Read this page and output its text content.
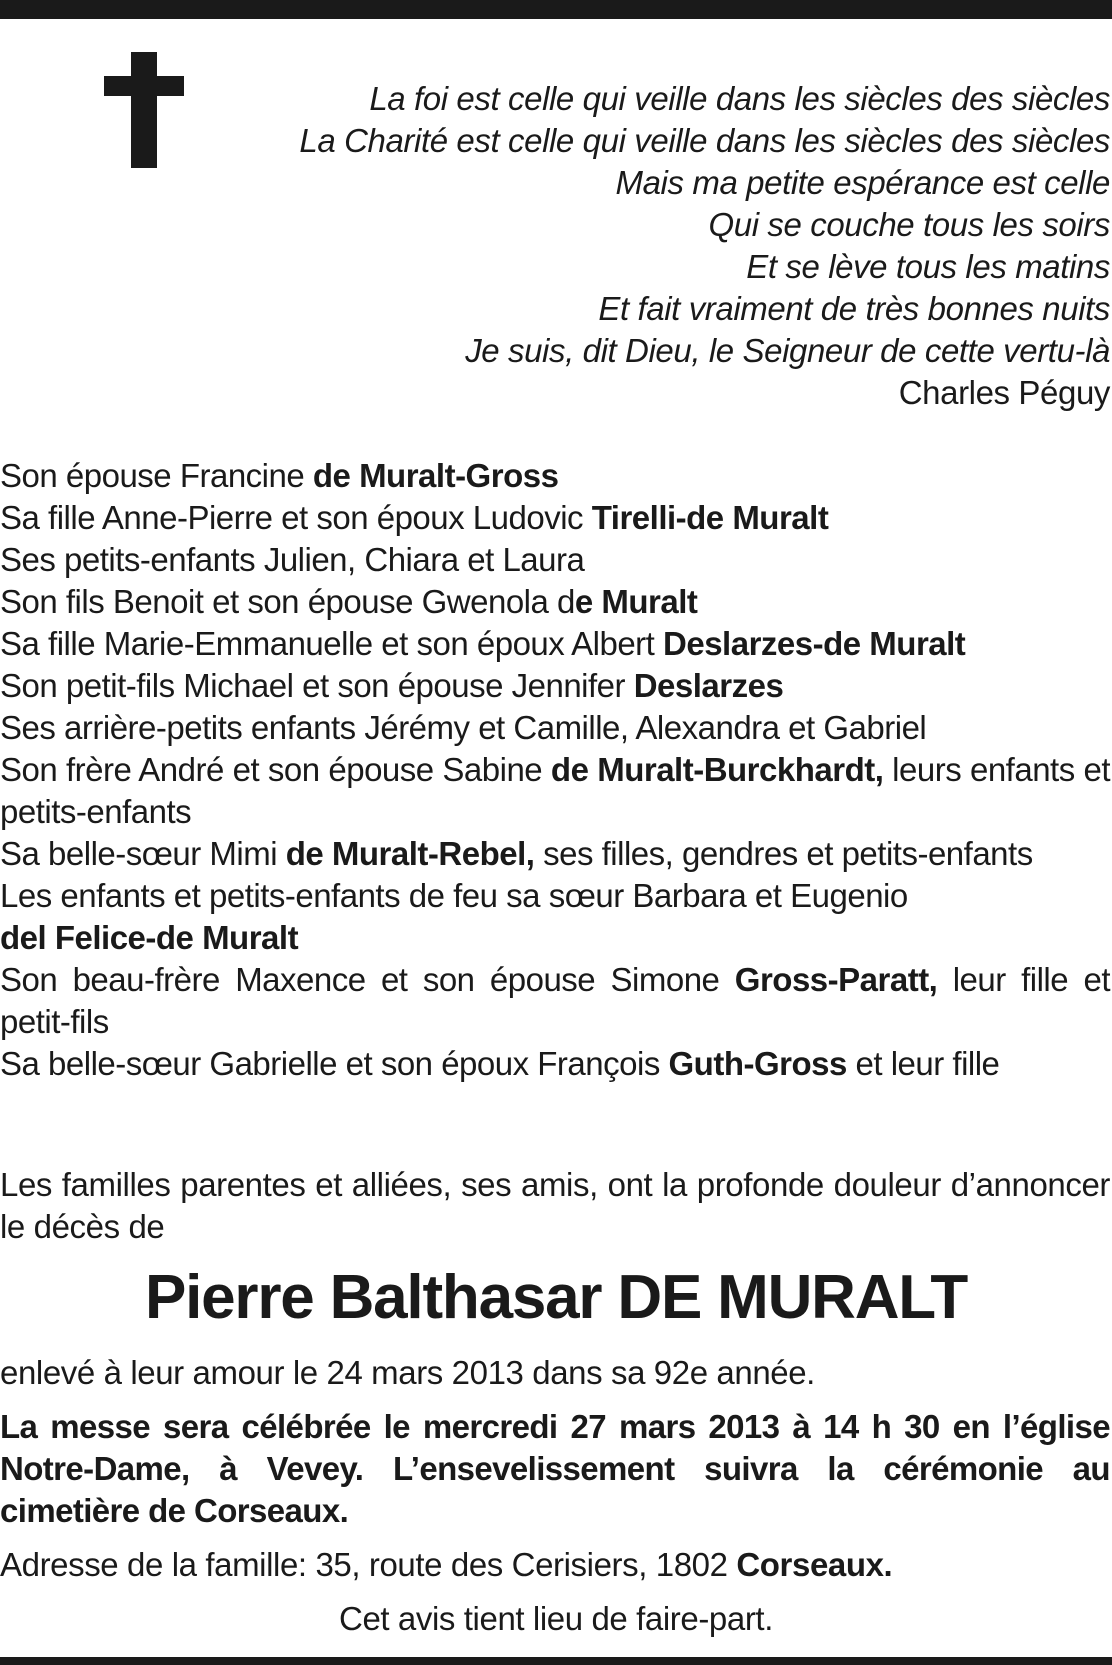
La foi est celle qui veille dans les siècles des siècles
La Charité est celle qui veille dans les siècles des siècles
Mais ma petite espérance est celle
Qui se couche tous les soirs
Et se lève tous les matins
Et fait vraiment de très bonnes nuits
Je suis, dit Dieu, le Seigneur de cette vertu-là
Charles Péguy
Son épouse Francine de Muralt-Gross
Sa fille Anne-Pierre et son époux Ludovic Tirelli-de Muralt
Ses petits-enfants Julien, Chiara et Laura
Son fils Benoit et son épouse Gwenola de Muralt
Sa fille Marie-Emmanuelle et son époux Albert Deslarzes-de Muralt
Son petit-fils Michael et son épouse Jennifer Deslarzes
Ses arrière-petits enfants Jérémy et Camille, Alexandra et Gabriel
Son frère André et son épouse Sabine de Muralt-Burckhardt, leurs enfants et petits-enfants
Sa belle-sœur Mimi de Muralt-Rebel, ses filles, gendres et petits-enfants
Les enfants et petits-enfants de feu sa sœur Barbara et Eugenio
del Felice-de Muralt
Son beau-frère Maxence et son épouse Simone Gross-Paratt, leur fille et petit-fils
Sa belle-sœur Gabrielle et son époux François Guth-Gross et leur fille
Les familles parentes et alliées, ses amis, ont la profonde douleur d’annoncer le décès de
Pierre Balthasar DE MURALT
enlevé à leur amour le 24 mars 2013 dans sa 92e année.
La messe sera célébrée le mercredi 27 mars 2013 à 14 h 30 en l’église Notre-Dame, à Vevey. L’ensevelissement suivra la cérémonie au cimetière de Corseaux.
Adresse de la famille: 35, route des Cerisiers, 1802 Corseaux.
Cet avis tient lieu de faire-part.
